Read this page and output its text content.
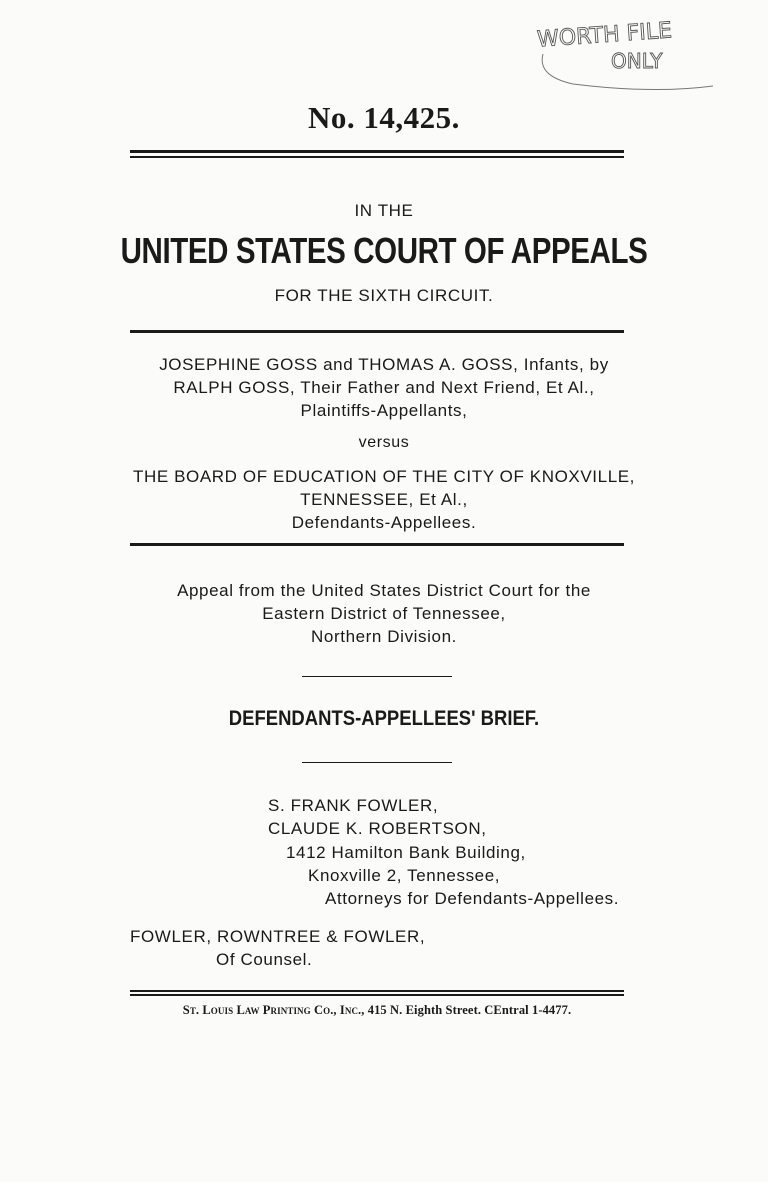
WORTH FILE
ONLY
No. 14,425.
IN THE
UNITED STATES COURT OF APPEALS
FOR THE SIXTH CIRCUIT.
JOSEPHINE GOSS and THOMAS A. GOSS, Infants, by
RALPH GOSS, Their Father and Next Friend, Et Al.,
Plaintiffs-Appellants,
versus
THE BOARD OF EDUCATION OF THE CITY OF KNOXVILLE,
TENNESSEE, Et Al.,
Defendants-Appellees.
Appeal from the United States District Court for the
Eastern District of Tennessee,
Northern Division.
DEFENDANTS-APPELLEES' BRIEF.
S. FRANK FOWLER,
CLAUDE K. ROBERTSON,
1412 Hamilton Bank Building,
Knoxville 2, Tennessee,
Attorneys for Defendants-Appellees.
FOWLER, ROWNTREE & FOWLER,
Of Counsel.
St. Louis Law Printing Co., Inc., 415 N. Eighth Street. CEntral 1-4477.
